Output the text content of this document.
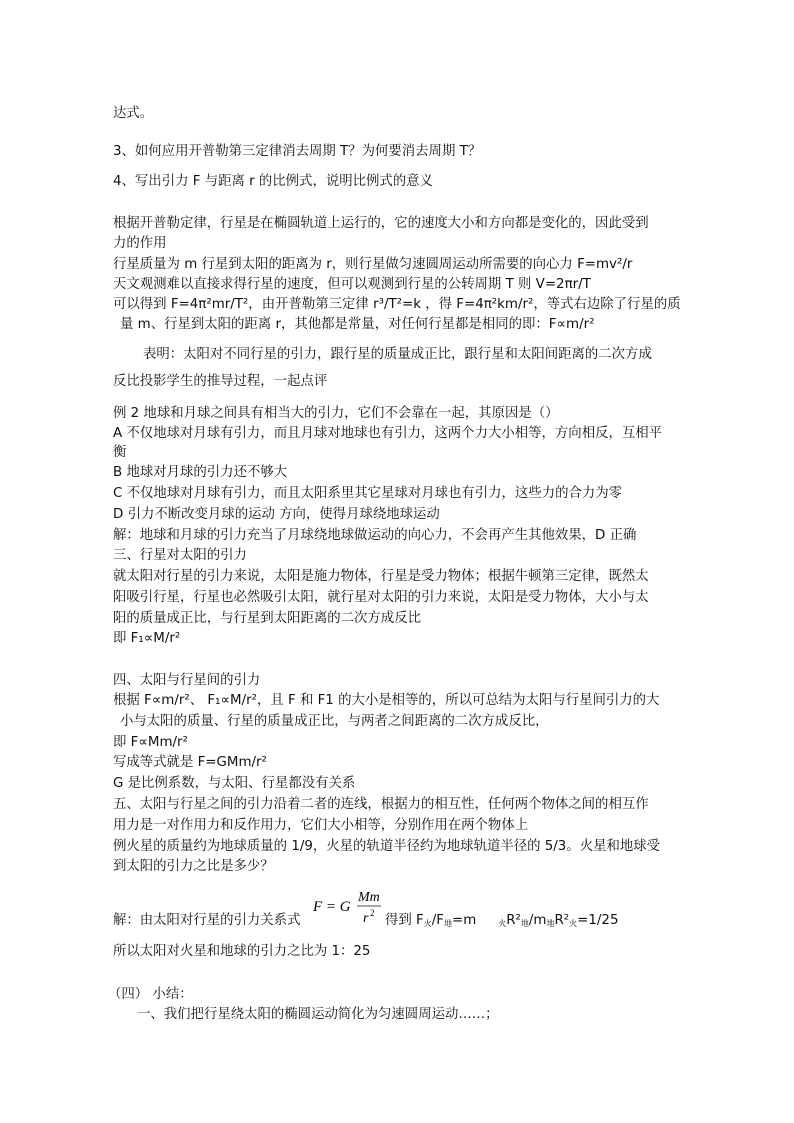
达式。
3、如何应用开普勒第三定律消去周期 T？为何要消去周期 T？
4、写出引力 F 与距离 r 的比例式，说明比例式的意义
根据开普勒定律，行星是在椭圆轨道上运行的，它的速度大小和方向都是变化的，因此受到
力的作用
行星质量为 m 行星到太阳的距离为 r，则行星做匀速圆周运动所需要的向心力 F=mv²/r
天文观测难以直接求得行星的速度，但可以观测到行星的公转周期 T 则 V=2πr/T
可以得到 F=4π²mr/T²，由开普勒第三定律 r³/T²=k ，得 F=4π²km/r²，等式右边除了行星的质
量 m、行星到太阳的距离 r，其他都是常量，对任何行星都是相同的即：F∝m/r²
表明：太阳对不同行星的引力，跟行星的质量成正比，跟行星和太阳间距离的二次方成
反比投影学生的推导过程，一起点评
例 2 地球和月球之间具有相当大的引力，它们不会靠在一起，其原因是（）
A 不仅地球对月球有引力，而且月球对地球也有引力，这两个力大小相等，方向相反，互相平
衡
B 地球对月球的引力还不够大
C 不仅地球对月球有引力，而且太阳系里其它星球对月球也有引力，这些力的合力为零
D 引力不断改变月球的运动 方向，使得月球绕地球运动
解：地球和月球的引力充当了月球绕地球做运动的向心力，不会再产生其他效果，D 正确
三、行星对太阳的引力
就太阳对行星的引力来说，太阳是施力物体，行星是受力物体；根据牛顿第三定律，既然太
阳吸引行星，行星也必然吸引太阳，就行星对太阳的引力来说，太阳是受力物体，大小与太
阳的质量成正比，与行星到太阳距离的二次方成反比
即 F₁∝M/r²
四、太阳与行星间的引力
根据 F∝m/r²、 F₁∝M/r²，且 F 和 F1 的大小是相等的，所以可总结为太阳与行星间引力的大
小与太阳的质量、行星的质量成正比，与两者之间距离的二次方成反比，
即 F∝Mm/r²
写成等式就是 F=GMm/r²
G 是比例系数，与太阳、行星都没有关系
五、太阳与行星之间的引力沿着二者的连线，根据力的相互性，任何两个物体之间的相互作
用力是一对作用力和反作用力，它们大小相等，分别作用在两个物体上
例火星的质量约为地球质量的 1/9，火星的轨道半径约为地球轨道半径的 5/3。火星和地球受
到太阳的引力之比是多少？
解：由太阳对行星的引力关系式
F = G
Mm
r 2 得到 $F_火/F_地=m$	$_火R^2_地/m_地R^2_火=1/25$
所以太阳对火星和地球的引力之比为 1：25
（四） 小结：
一、我们把行星绕太阳的椭圆运动简化为匀速圆周运动……；
